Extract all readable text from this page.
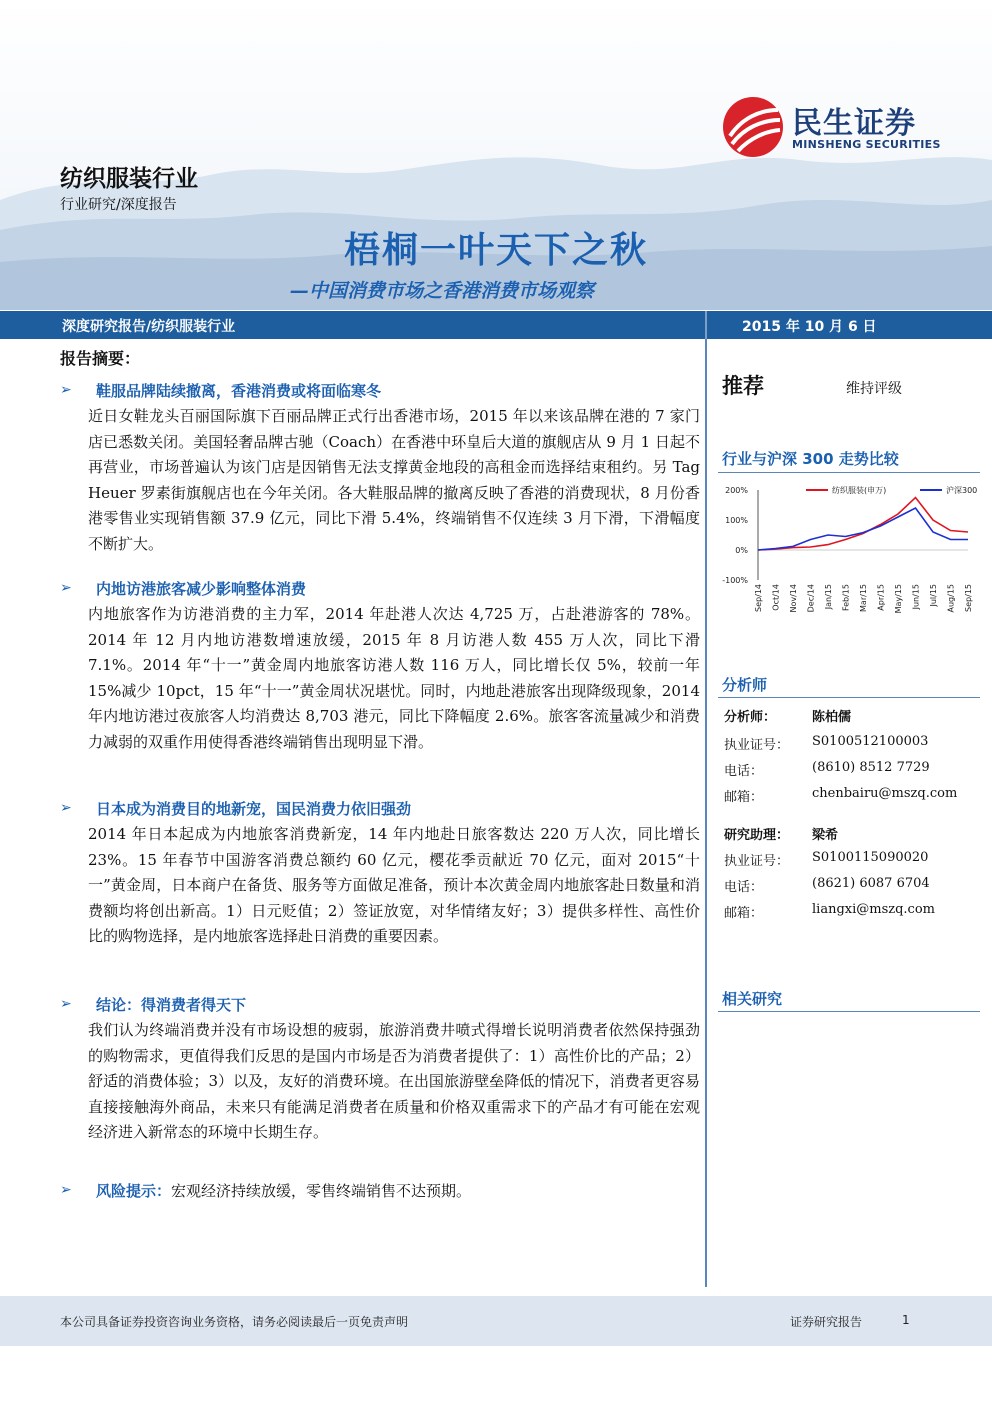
民生证券
MINSHENG SECURITIES
纺织服装行业
行业研究/深度报告
梧桐一叶天下之秋
—中国消费市场之香港消费市场观察
深度研究报告/纺织服装行业	2015 年 10 月 6 日
报告摘要：
➢ 鞋服品牌陆续撤离，香港消费或将面临寒冬
近日女鞋龙头百丽国际旗下百丽品牌正式行出香港市场，2015 年以来该品牌在港的 7 家门店已悉数关闭。美国轻奢品牌古驰（Coach）在香港中环皇后大道的旗舰店从 9 月 1 日起不再营业，市场普遍认为该门店是因销售无法支撑黄金地段的高租金而选择结束租约。另 Tag Heuer 罗素街旗舰店也在今年关闭。各大鞋服品牌的撤离反映了香港的消费现状，8 月份香港零售业实现销售额 37.9 亿元，同比下滑 5.4%，终端销售不仅连续 3 月下滑，下滑幅度不断扩大。
➢ 内地访港旅客减少影响整体消费
内地旅客作为访港消费的主力军，2014 年赴港人次达 4,725 万，占赴港游客的 78%。2014 年 12 月内地访港数增速放缓，2015 年 8 月访港人数 455 万人次，同比下滑 7.1%。2014 年“十一”黄金周内地旅客访港人数 116 万人，同比增长仅 5%，较前一年 15%减少 10pct，15 年“十一”黄金周状况堪忧。同时，内地赴港旅客出现降级现象，2014 年内地访港过夜旅客人均消费达 8,703 港元，同比下降幅度 2.6%。旅客客流量减少和消费力减弱的双重作用使得香港终端销售出现明显下滑。
➢ 日本成为消费目的地新宠，国民消费力依旧强劲
2014 年日本起成为内地旅客消费新宠，14 年内地赴日旅客数达 220 万人次，同比增长 23%。15 年春节中国游客消费总额约 60 亿元，樱花季贡献近 70 亿元，面对 2015“十一”黄金周，日本商户在备货、服务等方面做足准备，预计本次黄金周内地旅客赴日数量和消费额均将创出新高。1）日元贬值；2）签证放宽，对华情绪友好；3）提供多样性、高性价比的购物选择，是内地旅客选择赴日消费的重要因素。
➢ 结论：得消费者得天下
我们认为终端消费并没有市场设想的疲弱，旅游消费井喷式得增长说明消费者依然保持强劲的购物需求，更值得我们反思的是国内市场是否为消费者提供了：1）高性价比的产品；2）舒适的消费体验；3）以及，友好的消费环境。在出国旅游壁垒降低的情况下，消费者更容易直接接触海外商品，未来只有能满足消费者在质量和价格双重需求下的产品才有可能在宏观经济进入新常态的环境中长期生存。
➢ 风险提示：宏观经济持续放缓，零售终端销售不达预期。
推荐	维持评级
行业与沪深 300 走势比较
200%
100%
0%
-100%
Sep/14 Oct/14 Nov/14 Dec/14 Jan/15 Feb/15 Mar/15 Apr/15 May/15 Jun/15 Jul/15 Aug/15 Sep/15
纺织服装(申万)	沪深300
分析师
分析师：	陈柏儒
执业证号：	S0100512100003
电话：	(8610) 8512 7729
邮箱：	chenbairu@mszq.com
研究助理：	梁希
执业证号：	S0100115090020
电话：	(8621) 6087 6704
邮箱：	liangxi@mszq.com
相关研究
本公司具备证券投资咨询业务资格，请务必阅读最后一页免责声明	证券研究报告	1
